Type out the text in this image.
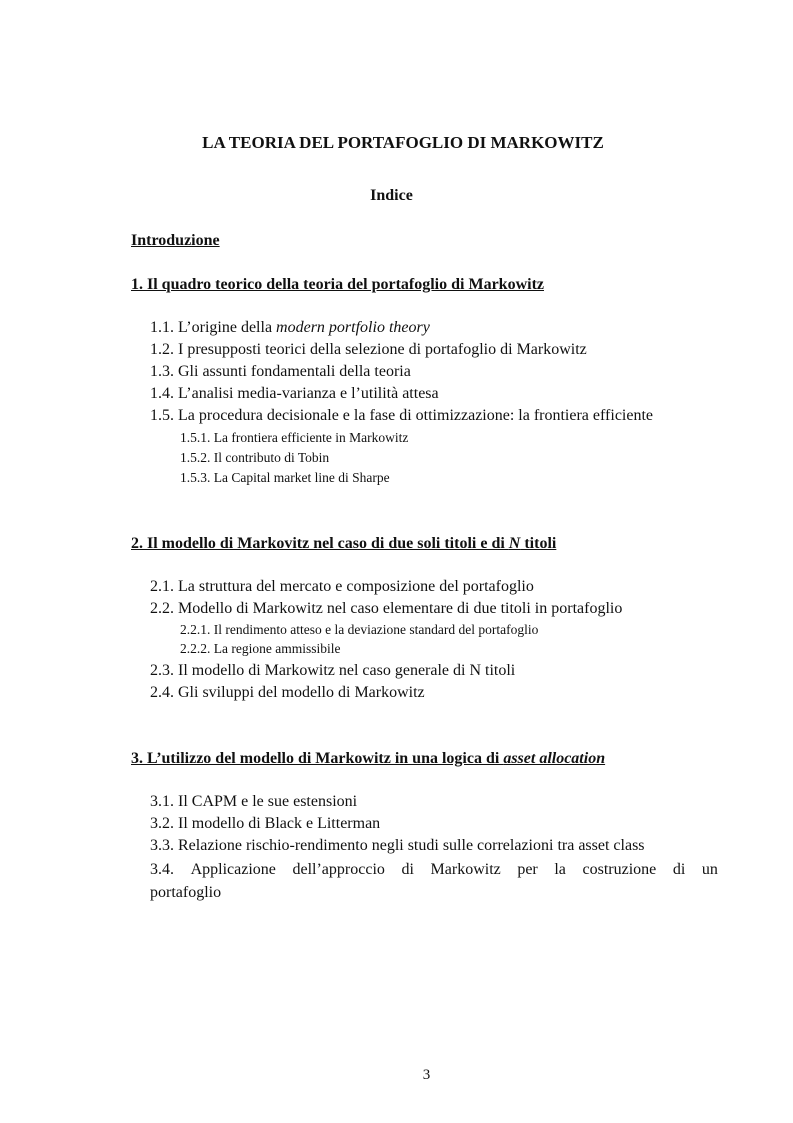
LA TEORIA DEL PORTAFOGLIO DI MARKOWITZ
Indice
Introduzione
1. Il quadro teorico della teoria del portafoglio di Markowitz
1.1. L’origine della modern portfolio theory
1.2. I presupposti teorici della selezione di portafoglio di Markowitz
1.3. Gli assunti fondamentali della teoria
1.4. L’analisi media-varianza e l’utilità attesa
1.5. La procedura decisionale e la fase di ottimizzazione: la frontiera efficiente
1.5.1. La frontiera efficiente in Markowitz
1.5.2. Il contributo di Tobin
1.5.3. La Capital market line di Sharpe
2. Il modello di Markovitz nel caso di due soli titoli e di N titoli
2.1. La struttura del mercato e composizione del portafoglio
2.2. Modello di Markowitz nel caso elementare di due titoli in portafoglio
2.2.1. Il rendimento atteso e la deviazione standard del portafoglio
2.2.2. La regione ammissibile
2.3. Il modello di Markowitz nel caso generale di N titoli
2.4. Gli sviluppi del modello di Markowitz
3. L’utilizzo del modello di Markowitz in una logica di asset allocation
3.1. Il CAPM e le sue estensioni
3.2. Il modello di Black e Litterman
3.3. Relazione rischio-rendimento negli studi sulle correlazioni tra asset class
3.4. Applicazione dell’approccio di Markowitz per la costruzione di un
portafoglio
3
